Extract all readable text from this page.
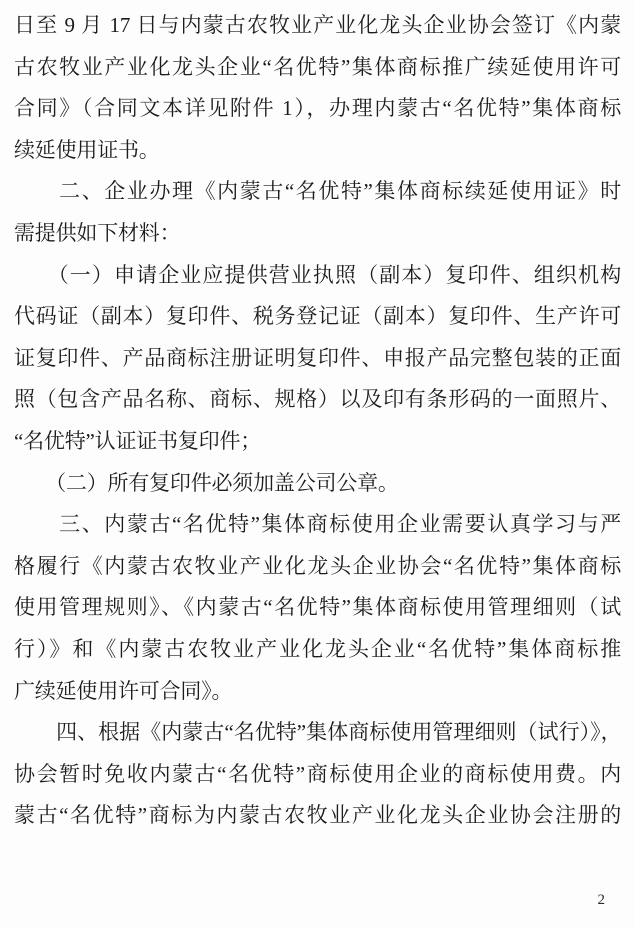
日至 9 月 17 日与内蒙古农牧业产业化龙头企业协会签订《内蒙
古农牧业产业化龙头企业“名优特”集体商标推广续延使用许可
合同》（合同文本详见附件 1），办理内蒙古“名优特”集体商标
续延使用证书。
　　二、企业办理《内蒙古“名优特”集体商标续延使用证》时
需提供如下材料：
　　（一）申请企业应提供营业执照（副本）复印件、组织机构
代码证（副本）复印件、税务登记证（副本）复印件、生产许可
证复印件、产品商标注册证明复印件、申报产品完整包装的正面
照（包含产品名称、商标、规格）以及印有条形码的一面照片、
“名优特”认证证书复印件；
　　（二）所有复印件必须加盖公司公章。
　　三、内蒙古“名优特”集体商标使用企业需要认真学习与严
格履行《内蒙古农牧业产业化龙头企业协会“名优特”集体商标
使用管理规则》、《内蒙古“名优特”集体商标使用管理细则（试
行）》和《内蒙古农牧业产业化龙头企业“名优特”集体商标推
广续延使用许可合同》。
　　四、根据《内蒙古“名优特”集体商标使用管理细则（试行）》，
协会暂时免收内蒙古“名优特”商标使用企业的商标使用费。内
蒙古“名优特”商标为内蒙古农牧业产业化龙头企业协会注册的
2
